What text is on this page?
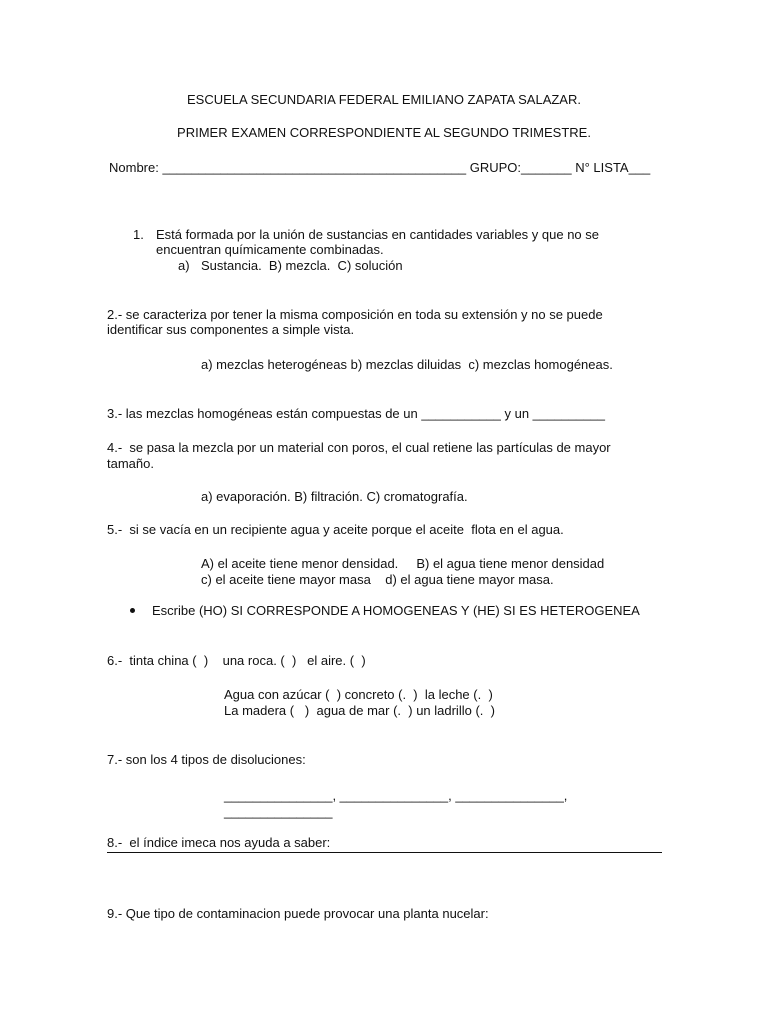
ESCUELA SECUNDARIA FEDERAL EMILIANO ZAPATA SALAZAR.
PRIMER EXAMEN CORRESPONDIENTE AL SEGUNDO TRIMESTRE.
Nombre: __________________________________________ GRUPO:_______ N° LISTA___
1. Está formada por la unión de sustancias en cantidades variables y que no se
encuentran químicamente combinadas.
a) Sustancia.  B) mezcla.  C) solución
2.- se caracteriza por tener la misma composición en toda su extensión y no se puede
identificar sus componentes a simple vista.
a) mezclas heterogéneas b) mezclas diluidas  c) mezclas homogéneas.
3.- las mezclas homogéneas están compuestas de un ___________ y un __________
4.-  se pasa la mezcla por un material con poros, el cual retiene las partículas de mayor
tamaño.
a) evaporación. B) filtración. C) cromatografía.
5.-  si se vacía en un recipiente agua y aceite porque el aceite  flota en el agua.
A) el aceite tiene menor densidad.     B) el agua tiene menor densidad
c) el aceite tiene mayor masa    d) el agua tiene mayor masa.
Escribe (HO) SI CORRESPONDE A HOMOGENEAS Y (HE) SI ES HETEROGENEA
6.-  tinta china (  )    una roca. (  )   el aire. (  )
Agua con azúcar (  ) concreto (.  )  la leche (.  )
La madera (   )  agua de mar (.  ) un ladrillo (.  )
7.- son los 4 tipos de disoluciones:
_______________, _______________, _______________,
_______________
8.-  el índice imeca nos ayuda a saber:
9.- Que tipo de contaminacion puede provocar una planta nucelar:
